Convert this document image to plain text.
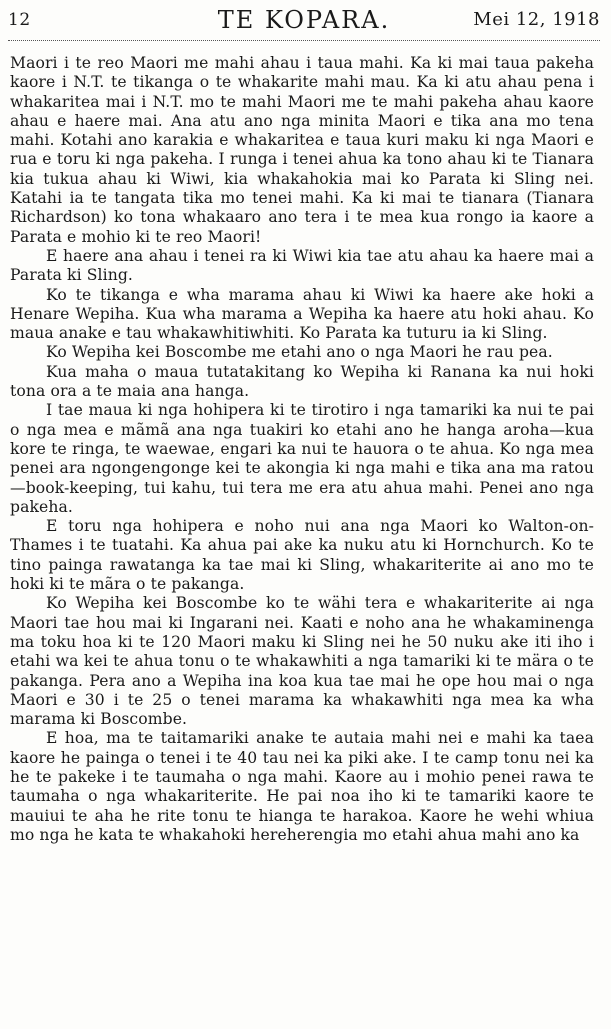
12	TE KOPARA.	Mei 12, 1918

Maori i te reo Maori me mahi ahau i taua mahi. Ka ki mai taua pakeha kaore i N.T. te tikanga o te whakarite mahi mau. Ka ki atu ahau pena i whakaritea mai i N.T. mo te mahi Maori me te mahi pakeha ahau kaore ahau e haere mai. Ana atu ano nga minita Maori e tika ana mo tena mahi. Kotahi ano karakia e whakaritea e taua kuri maku ki nga Maori e rua e toru ki nga pakeha. I runga i tenei ahua ka tono ahau ki te Tianara kia tukua ahau ki Wiwi, kia whakahokia mai ko Parata ki Sling nei. Katahi ia te tangata tika mo tenei mahi. Ka ki mai te tianara (Tianara Richardson) ko tona whakaaro ano tera i te mea kua rongo ia kaore a Parata e mohio ki te reo Maori!

E haere ana ahau i tenei ra ki Wiwi kia tae atu ahau ka haere mai a Parata ki Sling.

Ko te tikanga e wha marama ahau ki Wiwi ka haere ake hoki a Henare Wepiha. Kua wha marama a Wepiha ka haere atu hoki ahau. Ko maua anake e tau whakawhitiwhiti. Ko Parata ka tuturu ia ki Sling.

Ko Wepiha kei Boscombe me etahi ano o nga Maori he rau pea.

Kua maha o maua tutatakitang ko Wepiha ki Ranana ka nui hoki tona ora a te maia ana hanga.

I tae maua ki nga hohipera ki te tirotiro i nga tamariki ka nui te pai o nga mea e mãmã ana nga tuakiri ko etahi ano he hanga aroha—kua kore te ringa, te waewae, engari ka nui te hauora o te ahua. Ko nga mea penei ara ngongengonge kei te akongia ki nga mahi e tika ana ma ratou—book-keeping, tui kahu, tui tera me era atu ahua mahi. Penei ano nga pakeha.

E toru nga hohipera e noho nui ana nga Maori ko Walton-on-Thames i te tuatahi. Ka ahua pai ake ka nuku atu ki Hornchurch. Ko te tino painga rawatanga ka tae mai ki Sling, whakariterite ai ano mo te hoki ki te mãra o te pakanga.

Ko Wepiha kei Boscombe ko te wähi tera e whakariterite ai nga Maori tae hou mai ki Ingarani nei. Kaati e noho ana he whakaminenga ma toku hoa ki te 120 Maori maku ki Sling nei he 50 nuku ake iti iho i etahi wa kei te ahua tonu o te whakawhiti a nga tamariki ki te mära o te pakanga. Pera ano a Wepiha ina koa kua tae mai he ope hou mai o nga Maori e 30 i te 25 o tenei marama ka whakawhiti nga mea ka wha marama ki Boscombe.

E hoa, ma te taitamariki anake te autaia mahi nei e mahi ka taea kaore he painga o tenei i te 40 tau nei ka piki ake. I te camp tonu nei ka he te pakeke i te taumaha o nga mahi. Kaore au i mohio penei rawa te taumaha o nga whakariterite. He pai noa iho ki te tamariki kaore te mauiui te aha he rite tonu te hianga te harakoa. Kaore he wehi whiua mo nga he kata te whakahoki hereherengia mo etahi ahua mahi ano ka
